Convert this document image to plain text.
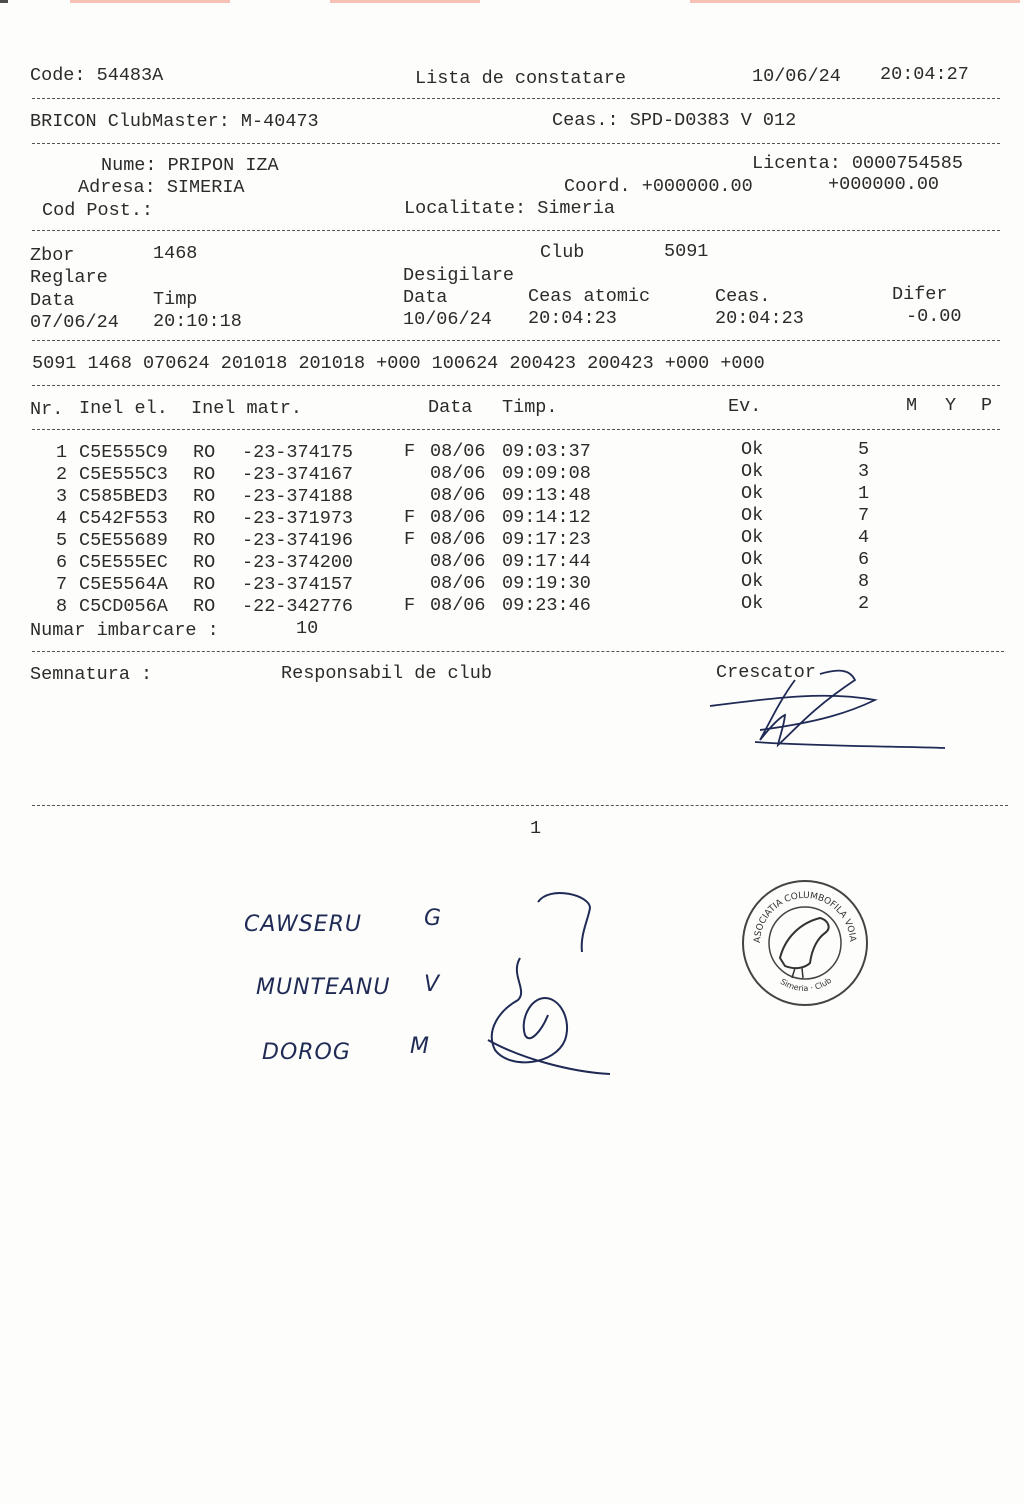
Code: 54483A	Lista de constatare	10/06/24 20:04:27
BRICON ClubMaster: M-40473	Ceas.: SPD-D0383 V 012
Nume: PRIPON IZA	Licenta: 0000754585
Adresa: SIMERIA	Coord. +000000.00	+000000.00
Cod Post.:	Localitate: Simeria
Zbor	1468	Club	5091
Reglare	Desigilare
Data	Timp	Data	Ceas atomic	Ceas.	Difer
07/06/24 20:10:18	10/06/24 20:04:23	20:04:23	-0.00
5091 1468 070624 201018 201018 +000 100624 200423 200423 +000 +000
Nr. Inel el. Inel matr.	Data Timp.	Ev.	M Y P
1 C5E555C9 RO -23-374175	F 08/06 09:03:37	Ok	5
2 C5E555C3 RO -23-374167	08/06 09:09:08	Ok	3
3 C585BED3 RO -23-374188	08/06 09:13:48	Ok	1
4 C542F553 RO -23-371973	F 08/06 09:14:12	Ok	7
5 C5E55689 RO -23-374196	F 08/06 09:17:23	Ok	4
6 C5E555EC RO -23-374200	08/06 09:17:44	Ok	6
7 C5E5564A RO -23-374157	08/06 09:19:30	Ok	8
8 C5CD056A RO -22-342776	F 08/06 09:23:46	Ok	2
Numar imbarcare :	10
Semnatura :	Responsabil de club	Crescator
1
CAWSERU	G
MUNTEANU V
DOROG	M
ASOCIATIA COLUMBOFILA VOIAJORUL HUNEDOREAN
Simeria · Club
